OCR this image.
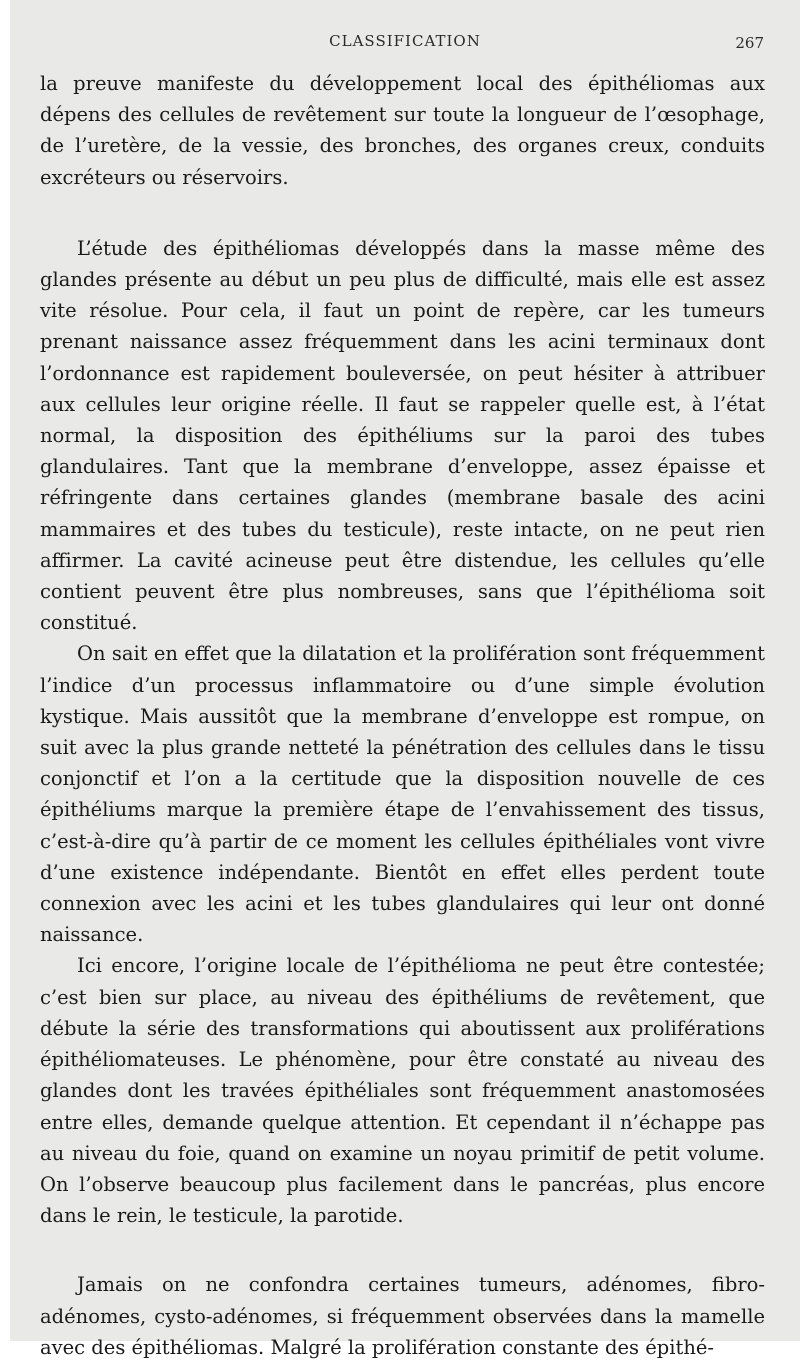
CLASSIFICATION	267

la preuve manifeste du développement local des épithéliomas aux dépens des cellules de revêtement sur toute la longueur de l’œsophage, de l’uretère, de la vessie, des bronches, des organes creux, conduits excréteurs ou réservoirs.

L’étude des épithéliomas développés dans la masse même des glandes présente au début un peu plus de difficulté, mais elle est assez vite résolue. Pour cela, il faut un point de repère, car les tumeurs prenant naissance assez fréquemment dans les acini terminaux dont l’ordonnance est rapidement bouleversée, on peut hésiter à attribuer aux cellules leur origine réelle. Il faut se rappeler quelle est, à l’état normal, la disposition des épithéliums sur la paroi des tubes glandulaires. Tant que la membrane d’enveloppe, assez épaisse et réfringente dans certaines glandes (membrane basale des acini mammaires et des tubes du testicule), reste intacte, on ne peut rien affirmer. La cavité acineuse peut être distendue, les cellules qu’elle contient peuvent être plus nombreuses, sans que l’épithélioma soit constitué.

On sait en effet que la dilatation et la prolifération sont fréquemment l’indice d’un processus inflammatoire ou d’une simple évolution kystique. Mais aussitôt que la membrane d’enveloppe est rompue, on suit avec la plus grande netteté la pénétration des cellules dans le tissu conjonctif et l’on a la certitude que la disposition nouvelle de ces épithéliums marque la première étape de l’envahissement des tissus, c’est-à-dire qu’à partir de ce moment les cellules épithéliales vont vivre d’une existence indépendante. Bientôt en effet elles perdent toute connexion avec les acini et les tubes glandulaires qui leur ont donné naissance.

Ici encore, l’origine locale de l’épithélioma ne peut être contestée; c’est bien sur place, au niveau des épithéliums de revêtement, que débute la série des transformations qui aboutissent aux proliférations épithéliomateuses. Le phénomène, pour être constaté au niveau des glandes dont les travées épithéliales sont fréquemment anastomosées entre elles, demande quelque attention. Et cependant il n’échappe pas au niveau du foie, quand on examine un noyau primitif de petit volume. On l’observe beaucoup plus facilement dans le pancréas, plus encore dans le rein, le testicule, la parotide.

Jamais on ne confondra certaines tumeurs, adénomes, fibro-adénomes, cysto-adénomes, si fréquemment observées dans la mamelle avec des épithéliomas. Malgré la prolifération constante des épithé-
